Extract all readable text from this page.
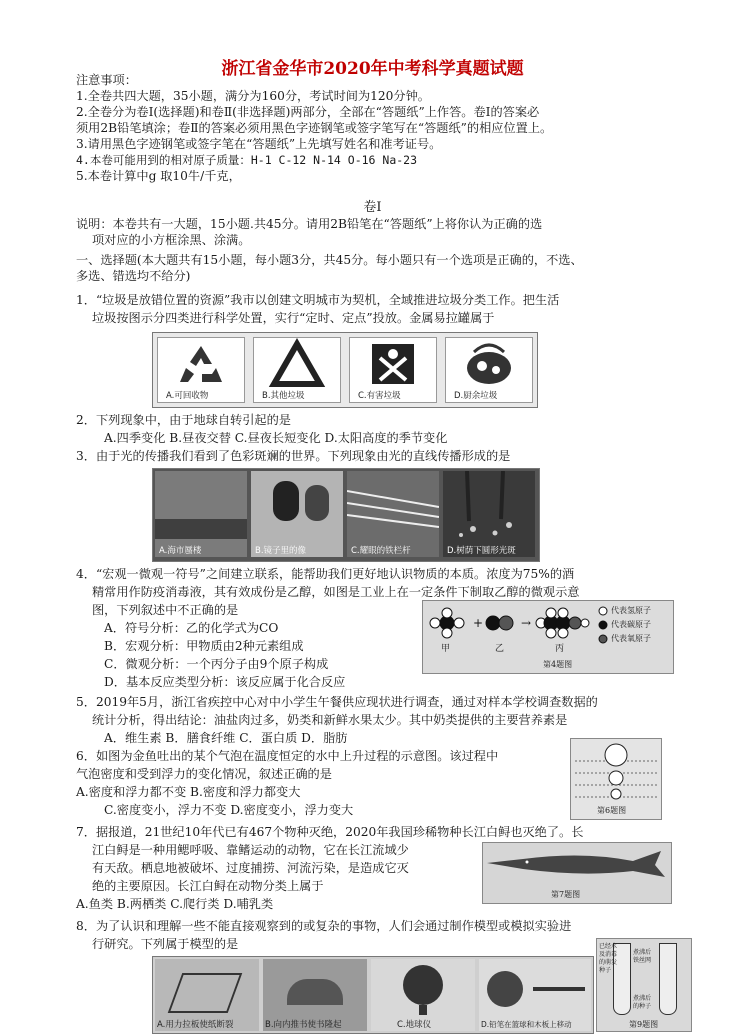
浙江省金华市2020年中考科学真题试题
注意事项：
1.全卷共四大题，35小题，满分为160分，考试时间为120分钟。
2.全卷分为卷Ⅰ(选择题)和卷Ⅱ(非选择题)两部分，全部在“答题纸”上作答。卷Ⅰ的答案必
须用2B铅笔填涂；卷Ⅱ的答案必须用黑色字迹钢笔或签字笔写在“答题纸”的相应位置上。
3.请用黑色字迹钢笔或签字笔在“答题纸”上先填写姓名和准考证号。
4.本卷可能用到的相对原子质量：H-1 C-12 N-14 O-16 Na-23
5.本卷计算中g 取10牛/千克，
卷Ⅰ
说明：本卷共有一大题，15小题.共45分。请用2B铅笔在“答题纸”上将你认为正确的选
项对应的小方框涂黑、涂满。
一、选择题(本大题共有15小题，每小题3分，共45分。每小题只有一个选项是正确的，不选、
多选、错选均不给分)
1．“垃圾是放错位置的资源”我市以创建文明城市为契机，全域推进垃圾分类工作。把生活
垃圾按图示分四类进行科学处置，实行“定时、定点”投放。金属易拉罐属于
A.可回收物	B.其他垃圾	C.有害垃圾	D.厨余垃圾
2．下列现象中，由于地球自转引起的是
A.四季变化 B.昼夜交替 C.昼夜长短变化 D.太阳高度的季节变化
3．由于光的传播我们看到了色彩斑斓的世界。下列现象由光的直线传播形成的是
A.海市蜃楼	B.镜子里的像	C.耀眼的铁栏杆	D.树荫下圆形光斑
4．“宏观一微观一符号”之间建立联系，能帮助我们更好地认识物质的本质。浓度为75%的酒
精常用作防疫消毒液，其有效成份是乙醇，如图是工业上在一定条件下制取乙醇的微观示意
图，下列叙述中不正确的是
A．符号分析：乙的化学式为CO
B．宏观分析：甲物质由2种元素组成
C．微观分析：一个丙分子由9个原子构成
D．基本反应类型分析：该反应属于化合反应
+	→
甲	乙	丙
代表氢原子
代表碳原子
代表氧原子
第4题图
5．2019年5月，浙江省疾控中心对中小学生午餐供应现状进行调查，通过对样本学校调查数据的
统计分析，得出结论：油盐肉过多，奶类和新鲜水果太少。其中奶类提供的主要营养素是
A．维生素 B．膳食纤维 C．蛋白质 D．脂肪
6．如图为金鱼吐出的某个气泡在温度恒定的水中上升过程的示意图。该过程中
气泡密度和受到浮力的变化情况，叙述正确的是
A.密度和浮力都不变 B.密度和浮力都变大
C.密度变小，浮力不变 D.密度变小，浮力变大	第6题图
7．据报道，21世纪10年代已有467个物种灭绝，2020年我国珍稀物种长江白鲟也灭绝了。长
江白鲟是一种用鳃呼吸、靠鳍运动的动物，它在长江流域少
有天敌。栖息地被破坏、过度捕捞、河流污染，是造成它灭
绝的主要原因。长江白鲟在动物分类上属于
A.鱼类 B.两栖类 C.爬行类 D.哺乳类
第7题图
8．为了认识和理解一些不能直接观察到的或复杂的事物，人们会通过制作模型或模拟实验进
行研究。下列属于模型的是
A.用力拉板使纸断裂	B.向内推书使书隆起	C.地球仪	D.铅笔在篮球和木板上移动
已经水
及消毒
的萌发
种子
煮沸后
铁丝网
煮沸后
的种子
第9题图
